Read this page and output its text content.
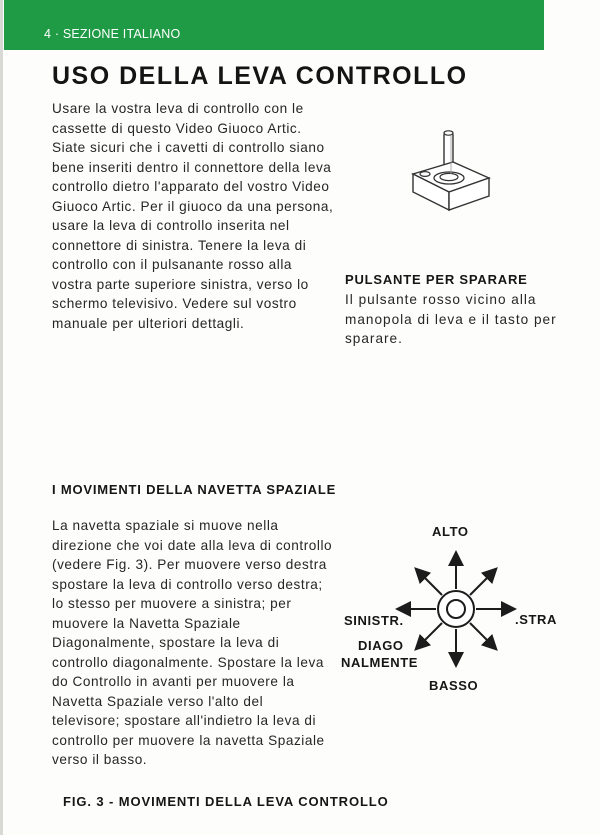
4 · SEZIONE ITALIANO
USO DELLA LEVA CONTROLLO

Usare la vostra leva di controllo con le cassette di questo Video Giuoco Artic. Siate sicuri che i cavetti di controllo siano bene inseriti dentro il connettore della leva controllo dietro l'apparato del vostro Video Giuoco Artic. Per il giuoco da una persona, usare la leva di controllo inserita nel connettore di sinistra. Tenere la leva di controllo con il pulsanante rosso alla vostra parte superiore sinistra, verso lo schermo televisivo. Vedere sul vostro manuale per ulteriori dettagli.

PULSANTE PER SPARARE

Il pulsante rosso vicino alla manopola di leva e il tasto per sparare.

I MOVIMENTI DELLA NAVETTA SPAZIALE

La navetta spaziale si muove nella direzione che voi date alla leva di controllo (vedere Fig. 3). Per muovere verso destra spostare la leva di controllo verso destra; lo stesso per muovere a sinistra; per muovere la Navetta Spaziale Diagonalmente, spostare la leva di controllo diagonalmente. Spostare la leva do Controllo in avanti per muovere la Navetta Spaziale verso l'alto del televisore; spostare all'indietro la leva di controllo per muovere la navetta Spaziale verso il basso.

ALTO
SINISTR.	.STRA
DIAGO
NALMENTE
BASSO

FIG. 3 - MOVIMENTI DELLA LEVA CONTROLLO
